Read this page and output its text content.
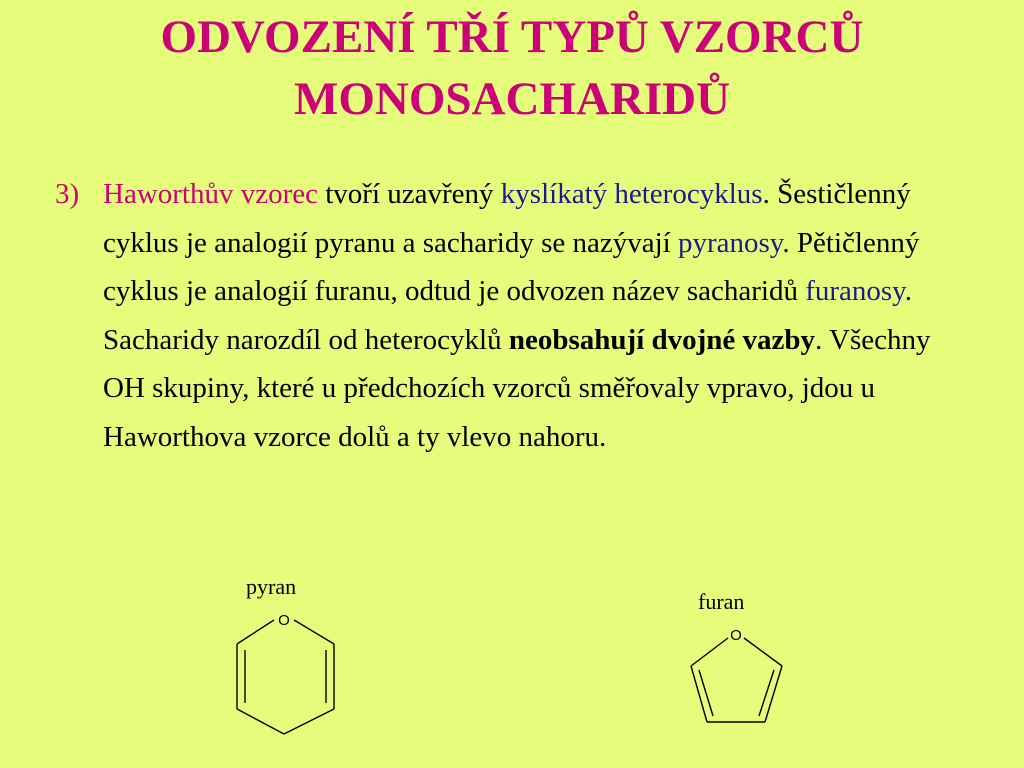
ODVOZENÍ TŘÍ TYPŮ VZORCŮ
MONOSACHARIDŮ
3) Haworthův vzorec tvoří uzavřený kyslíkatý heterocyklus. Šestičlenný cyklus je analogií pyranu a sacharidy se nazývají pyranosy. Pětičlenný cyklus je analogií furanu, odtud je odvozen název sacharidů furanosy. Sacharidy narozdíl od heterocyklů neobsahují dvojné vazby. Všechny OH skupiny, které u předchozích vzorců směřovaly vpravo, jdou u Haworthova vzorce dolů a ty vlevo nahoru.
pyran
O
furan
O
